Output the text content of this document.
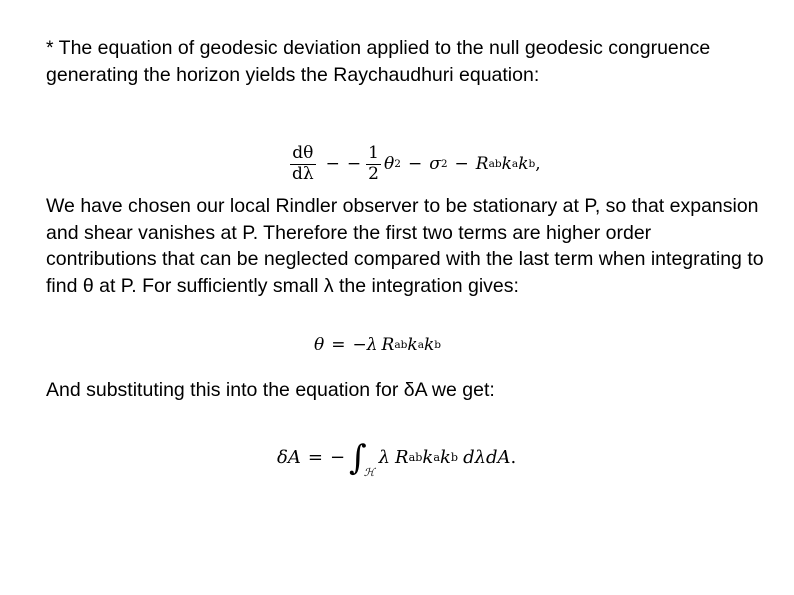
* The equation of geodesic deviation applied to the null geodesic congruence generating the horizon yields the Raychaudhuri equation:

$\frac{d\theta}{d\lambda}$ − − $\frac{1}{2}$ θ 2 − σ 2 − R ab k a k b ,

We have chosen our local Rindler observer to be stationary at P, so that expansion and shear vanishes at P. Therefore the first two terms are higher order contributions that can be neglected compared with the last term when integrating to find θ at P. For sufficiently small λ the integration gives:

θ = −λ R ab k a k b

And substituting this into the equation for δA we get:

δA = − ∫
ℋ
λ R ab k a k b dλdA .
